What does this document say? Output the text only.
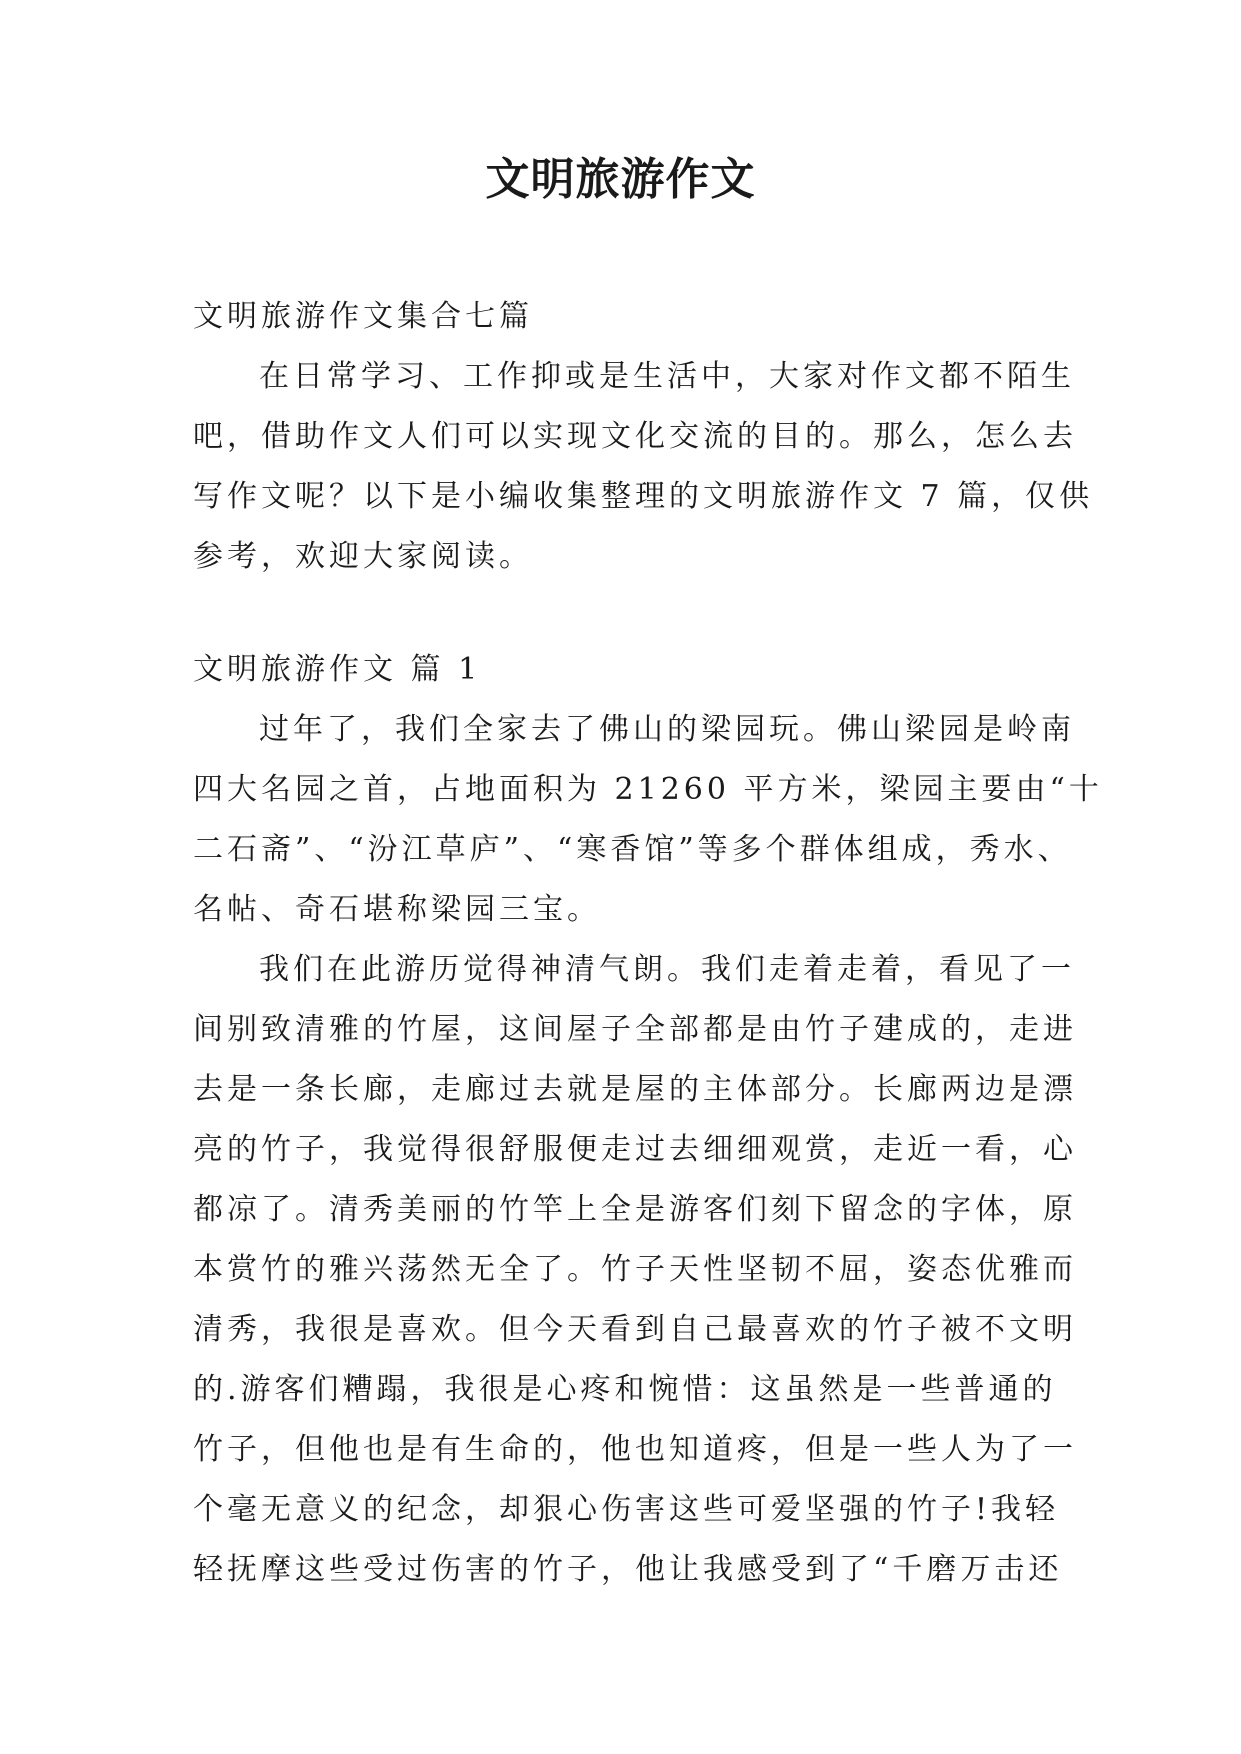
文明旅游作文
文明旅游作文集合七篇
在日常学习、工作抑或是生活中，大家对作文都不陌生
吧，借助作文人们可以实现文化交流的目的。那么，怎么去
写作文呢？以下是小编收集整理的文明旅游作文 7 篇，仅供
参考，欢迎大家阅读。
文明旅游作文 篇 1
过年了，我们全家去了佛山的梁园玩。佛山梁园是岭南
四大名园之首，占地面积为 21260 平方米，梁园主要由“十
二石斋”、“汾江草庐”、“寒香馆”等多个群体组成，秀水、
名帖、奇石堪称梁园三宝。
我们在此游历觉得神清气朗。我们走着走着，看见了一
间别致清雅的竹屋，这间屋子全部都是由竹子建成的，走进
去是一条长廊，走廊过去就是屋的主体部分。长廊两边是漂
亮的竹子，我觉得很舒服便走过去细细观赏，走近一看，心
都凉了。清秀美丽的竹竿上全是游客们刻下留念的字体，原
本赏竹的雅兴荡然无全了。竹子天性坚韧不屈，姿态优雅而
清秀，我很是喜欢。但今天看到自己最喜欢的竹子被不文明
的.游客们糟蹋，我很是心疼和惋惜：这虽然是一些普通的
竹子，但他也是有生命的，他也知道疼，但是一些人为了一
个毫无意义的纪念，却狠心伤害这些可爱坚强的竹子!我轻
轻抚摩这些受过伤害的竹子，他让我感受到了“千磨万击还
